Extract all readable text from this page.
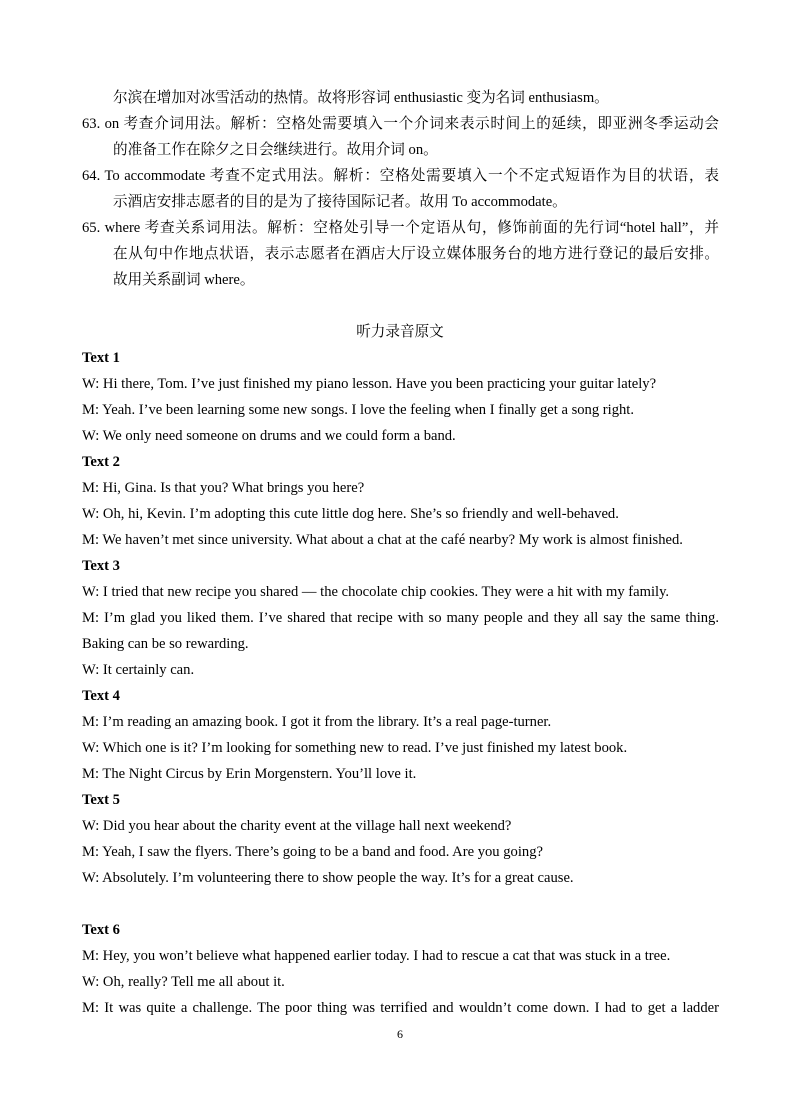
尔滨在增加对冰雪活动的热情。故将形容词 enthusiastic 变为名词 enthusiasm。
63. on 考查介词用法。解析：空格处需要填入一个介词来表示时间上的延续，即亚洲冬季运动会
的准备工作在除夕之日会继续进行。故用介词 on。
64. To accommodate 考查不定式用法。解析：空格处需要填入一个不定式短语作为目的状语，表
示酒店安排志愿者的目的是为了接待国际记者。故用 To accommodate。
65. where 考查关系词用法。解析：空格处引导一个定语从句，修饰前面的先行词“hotel hall”，并
在从句中作地点状语，表示志愿者在酒店大厅设立媒体服务台的地方进行登记的最后安排。
故用关系副词 where。
听力录音原文
Text 1
W: Hi there, Tom. I’ve just finished my piano lesson. Have you been practicing your guitar lately?
M: Yeah. I’ve been learning some new songs. I love the feeling when I finally get a song right.
W: We only need someone on drums and we could form a band.
Text 2
M: Hi, Gina. Is that you? What brings you here?
W: Oh, hi, Kevin. I’m adopting this cute little dog here. She’s so friendly and well-behaved.
M: We haven’t met since university. What about a chat at the café nearby? My work is almost finished.
Text 3
W: I tried that new recipe you shared — the chocolate chip cookies. They were a hit with my family.
M: I’m glad you liked them. I’ve shared that recipe with so many people and they all say the same thing.
Baking can be so rewarding.
W: It certainly can.
Text 4
M: I’m reading an amazing book. I got it from the library. It’s a real page-turner.
W: Which one is it? I’m looking for something new to read. I’ve just finished my latest book.
M: The Night Circus by Erin Morgenstern. You’ll love it.
Text 5
W: Did you hear about the charity event at the village hall next weekend?
M: Yeah, I saw the flyers. There’s going to be a band and food. Are you going?
W: Absolutely. I’m volunteering there to show people the way. It’s for a great cause.
Text 6
M: Hey, you won’t believe what happened earlier today. I had to rescue a cat that was stuck in a tree.
W: Oh, really? Tell me all about it.
M: It was quite a challenge. The poor thing was terrified and wouldn’t come down. I had to get a ladder
6
